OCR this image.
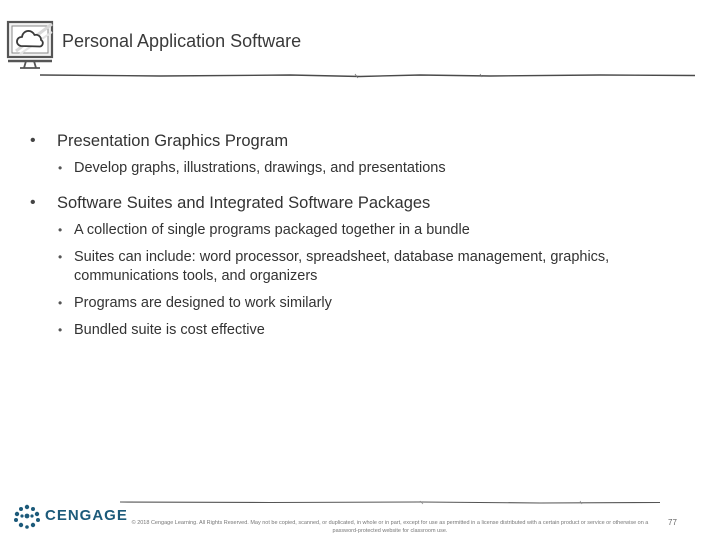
Personal Application Software
• Presentation Graphics Program
• Develop graphs, illustrations, drawings, and presentations
• Software Suites and Integrated Software Packages
• A collection of single programs packaged together in a bundle
• Suites can include: word processor, spreadsheet, database management, graphics, communications tools, and organizers
• Programs are designed to work similarly
• Bundled suite is cost effective
CENGAGE © 2018 Cengage Learning. All Rights Reserved. May not be copied, scanned, or duplicated, in whole or in part, except for use as permitted in a license distributed with a certain product or service or otherwise on a password-protected website for classroom use.
77
